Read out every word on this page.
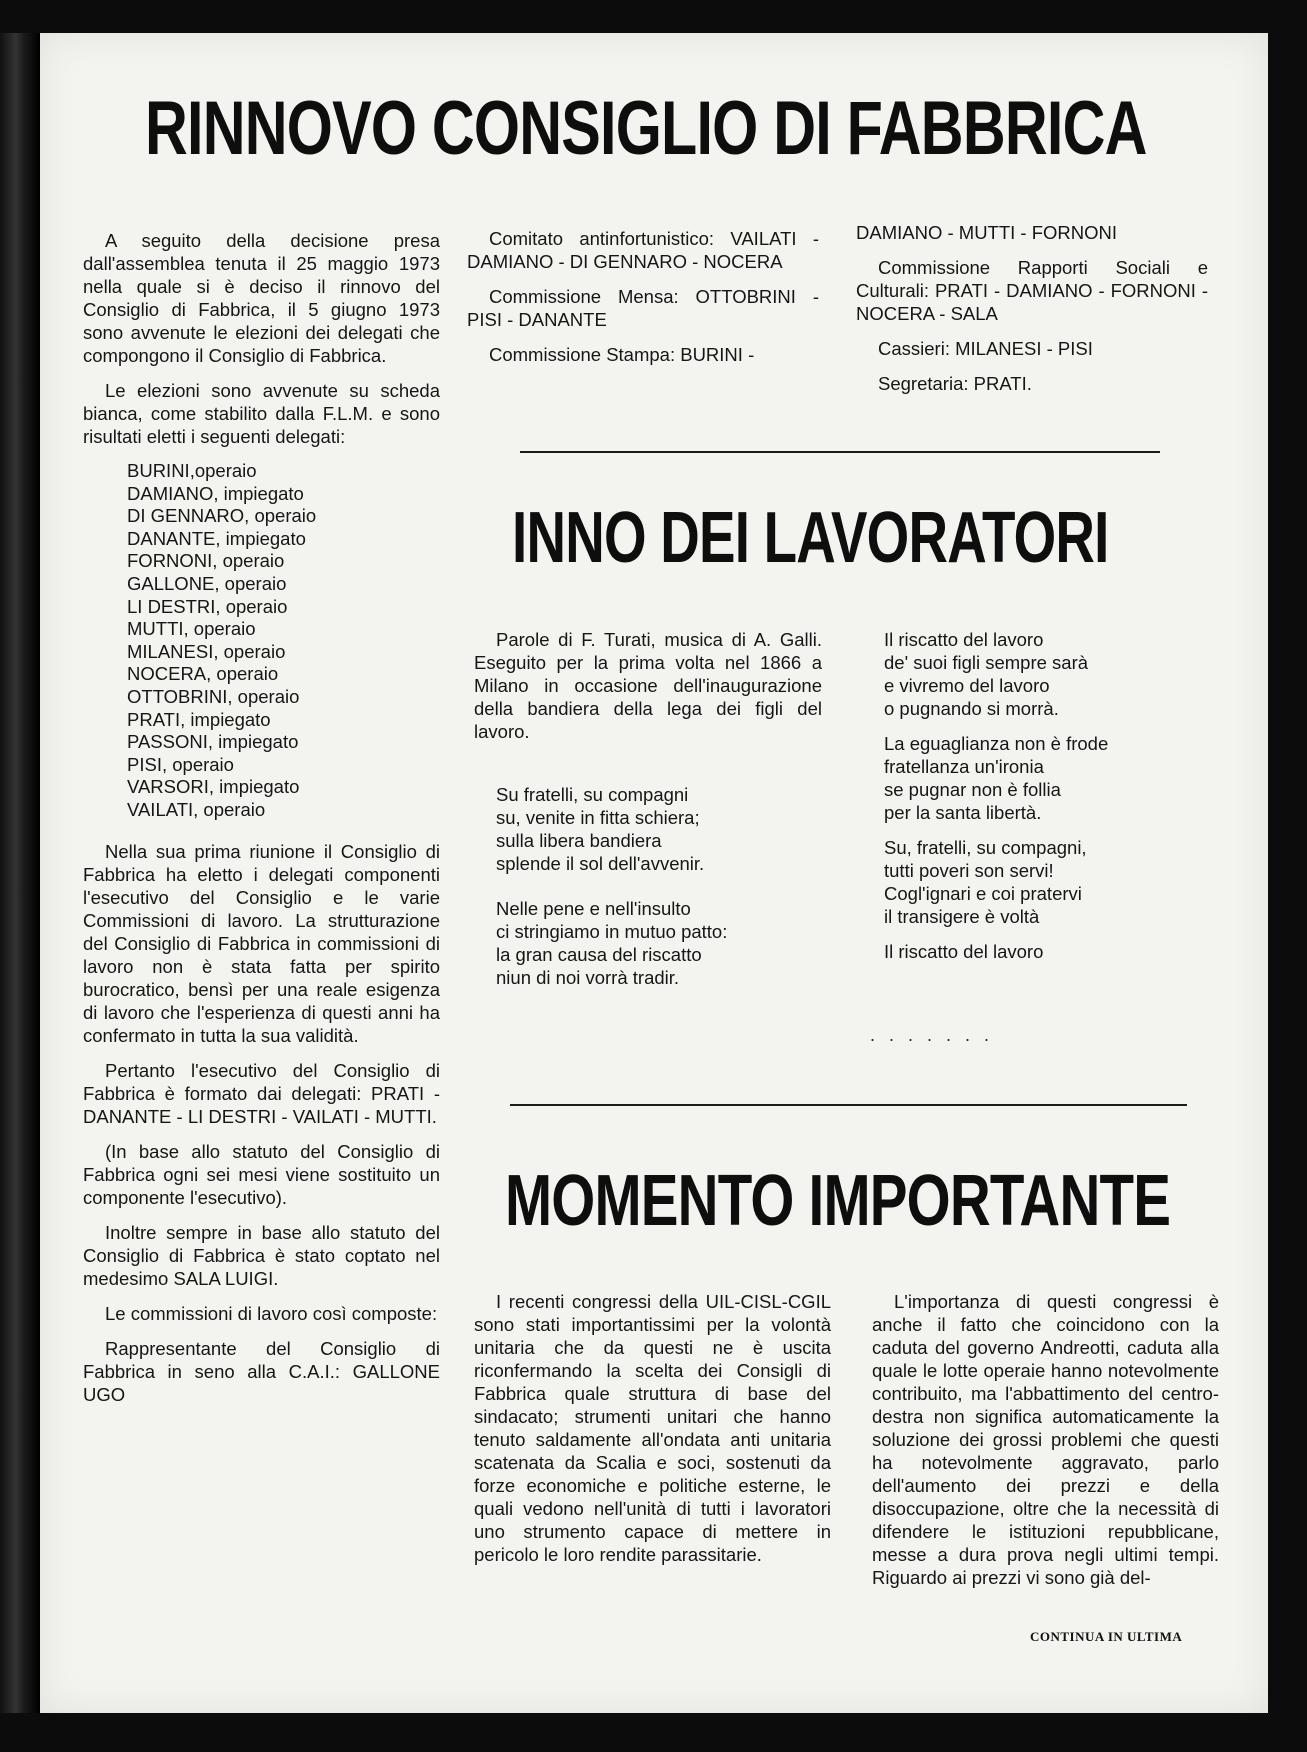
RINNOVO CONSIGLIO DI FABBRICA

A seguito della decisione presa dall'assemblea tenuta il 25 maggio 1973 nella quale si è deciso il rinnovo del Consiglio di Fabbrica, il 5 giugno 1973 sono avvenute le elezioni dei delegati che compongono il Consiglio di Fabbrica.

Le elezioni sono avvenute su scheda bianca, come stabilito dalla F.L.M. e sono risultati eletti i seguenti delegati:

BURINI,operaio
DAMIANO, impiegato
DI GENNARO, operaio
DANANTE, impiegato
FORNONI, operaio
GALLONE, operaio
LI DESTRI, operaio
MUTTI, operaio
MILANESI, operaio
NOCERA, operaio
OTTOBRINI, operaio
PRATI, impiegato
PASSONI, impiegato
PISI, operaio
VARSORI, impiegato
VAILATI, operaio

Nella sua prima riunione il Consiglio di Fabbrica ha eletto i delegati componenti l'esecutivo del Consiglio e le varie Commissioni di lavoro. La strutturazione del Consiglio di Fabbrica in commissioni di lavoro non è stata fatta per spirito burocratico, bensì per una reale esigenza di lavoro che l'esperienza di questi anni ha confermato in tutta la sua validità.

Pertanto l'esecutivo del Consiglio di Fabbrica è formato dai delegati: PRATI - DANANTE - LI DESTRI - VAILATI - MUTTI.

(In base allo statuto del Consiglio di Fabbrica ogni sei mesi viene sostituito un componente l'esecutivo).

Inoltre sempre in base allo statuto del Consiglio di Fabbrica è stato coptato nel medesimo SALA LUIGI.

Le commissioni di lavoro così composte:

Rappresentante del Consiglio di Fabbrica in seno alla C.A.I.: GALLONE UGO

Comitato antinfortunistico: VAILATI - DAMIANO - DI GENNARO - NOCERA

Commissione Mensa: OTTOBRINI - PISI - DANANTE

Commissione Stampa: BURINI -

DAMIANO - MUTTI - FORNONI

Commissione Rapporti Sociali e Culturali: PRATI - DAMIANO - FORNONI - NOCERA - SALA

Cassieri: MILANESI - PISI

Segretaria: PRATI.

INNO DEI LAVORATORI

Parole di F. Turati, musica di A. Galli. Eseguito per la prima volta nel 1866 a Milano in occasione dell'inaugurazione della bandiera della lega dei figli del lavoro.

Su fratelli, su compagni
su, venite in fitta schiera;
sulla libera bandiera
splende il sol dell'avvenir.

Nelle pene e nell'insulto
ci stringiamo in mutuo patto:
la gran causa del riscatto
niun di noi vorrà tradir.

Il riscatto del lavoro
de' suoi figli sempre sarà
e vivremo del lavoro
o pugnando si morrà.

La eguaglianza non è frode
fratellanza un'ironia
se pugnar non è follia
per la santa libertà.

Su, fratelli, su compagni,
tutti poveri son servi!
Cogl'ignari e coi pratervi
il transigere è voltà

Il riscatto del lavoro

.......
MOMENTO IMPORTANTE

I recenti congressi della UIL-CISL-CGIL sono stati importantissimi per la volontà unitaria che da questi ne è uscita riconfermando la scelta dei Consigli di Fabbrica quale struttura di base del sindacato; strumenti unitari che hanno tenuto saldamente all'ondata anti unitaria scatenata da Scalia e soci, sostenuti da forze economiche e politiche esterne, le quali vedono nell'unità di tutti i lavoratori uno strumento capace di mettere in pericolo le loro rendite parassitarie.

L'importanza di questi congressi è anche il fatto che coincidono con la caduta del governo Andreotti, caduta alla quale le lotte operaie hanno notevolmente contribuito, ma l'abbattimento del centro-destra non significa automaticamente la soluzione dei grossi problemi che questi ha notevolmente aggravato, parlo dell'aumento dei prezzi e della disoccupazione, oltre che la necessità di difendere le istituzioni repubblicane, messe a dura prova negli ultimi tempi. Riguardo ai prezzi vi sono già del-

CONTINUA IN ULTIMA
